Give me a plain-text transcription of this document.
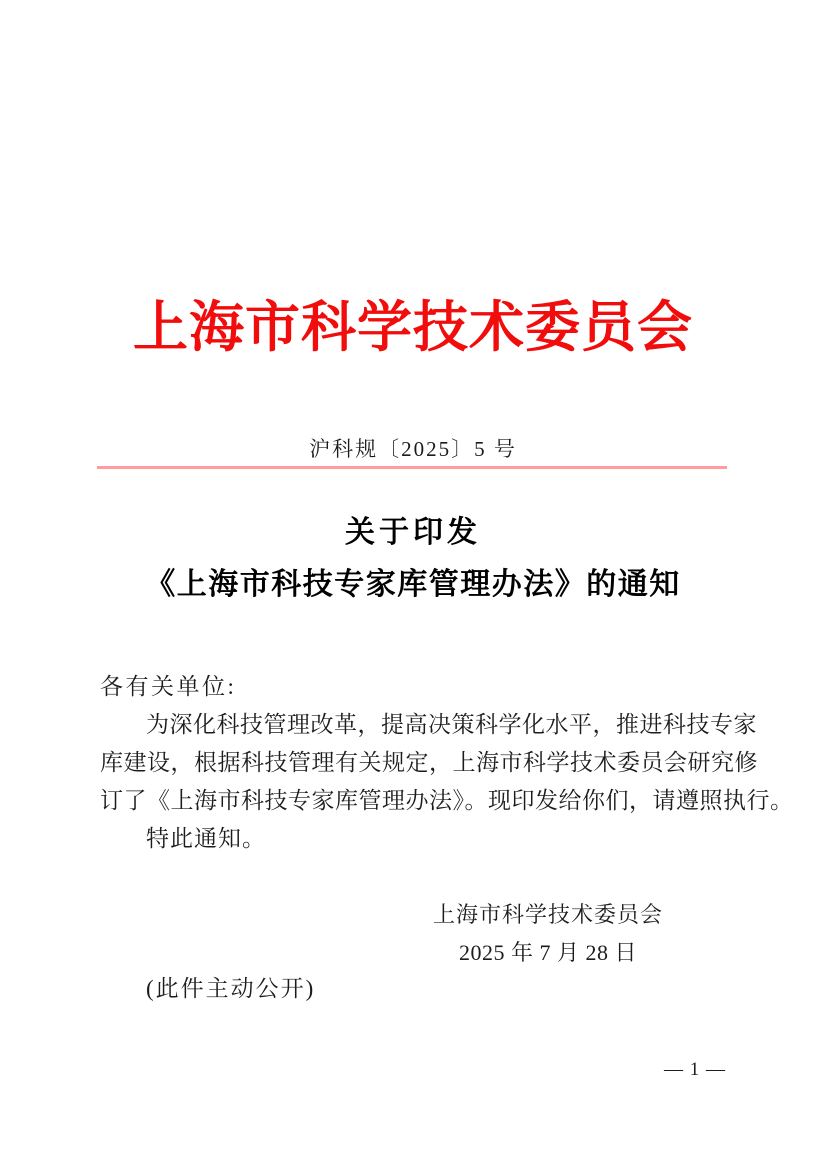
上海市科学技术委员会
沪科规〔2025〕5 号
关于印发
《上海市科技专家库管理办法》的通知
各有关单位:
为深化科技管理改革，提高决策科学化水平，推进科技专家
库建设，根据科技管理有关规定，上海市科学技术委员会研究修
订了《上海市科技专家库管理办法》。现印发给你们，请遵照执行。
特此通知。
上海市科学技术委员会
2025 年 7 月 28 日
(此件主动公开)
— 1 —
